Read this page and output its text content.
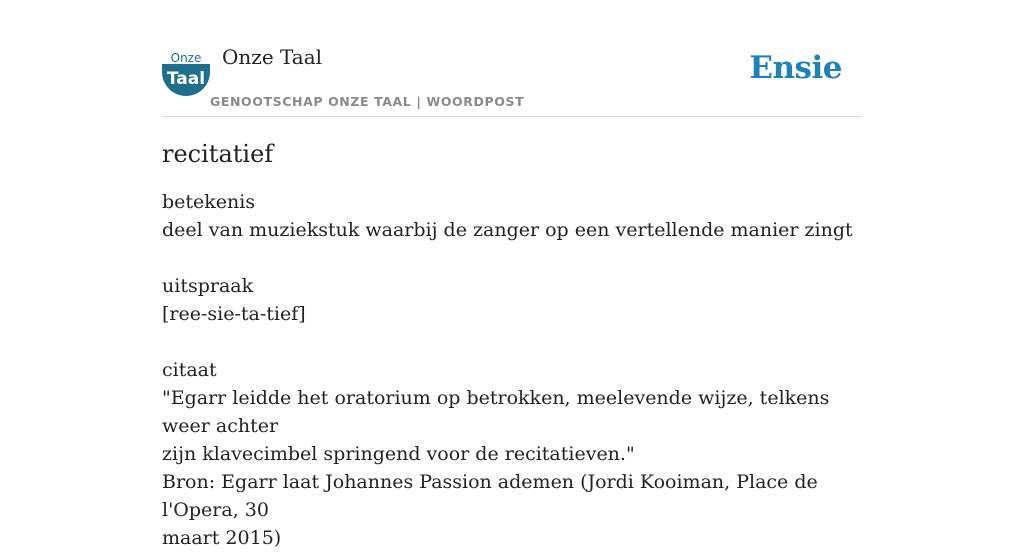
Onze
Taal
Onze Taal
GENOOTSCHAP ONZE TAAL | WOORDPOST
Ensie
recitatief

betekenis

deel van muziekstuk waarbij de zanger op een vertellende manier zingt

uitspraak

[ree-sie-ta-tief]

citaat

"Egarr leidde het oratorium op betrokken, meelevende wijze, telkens weer achter

zijn klavecimbel springend voor de recitatieven."

Bron: Egarr laat Johannes Passion ademen (Jordi Kooiman, Place de l'Opera, 30

maart 2015)
